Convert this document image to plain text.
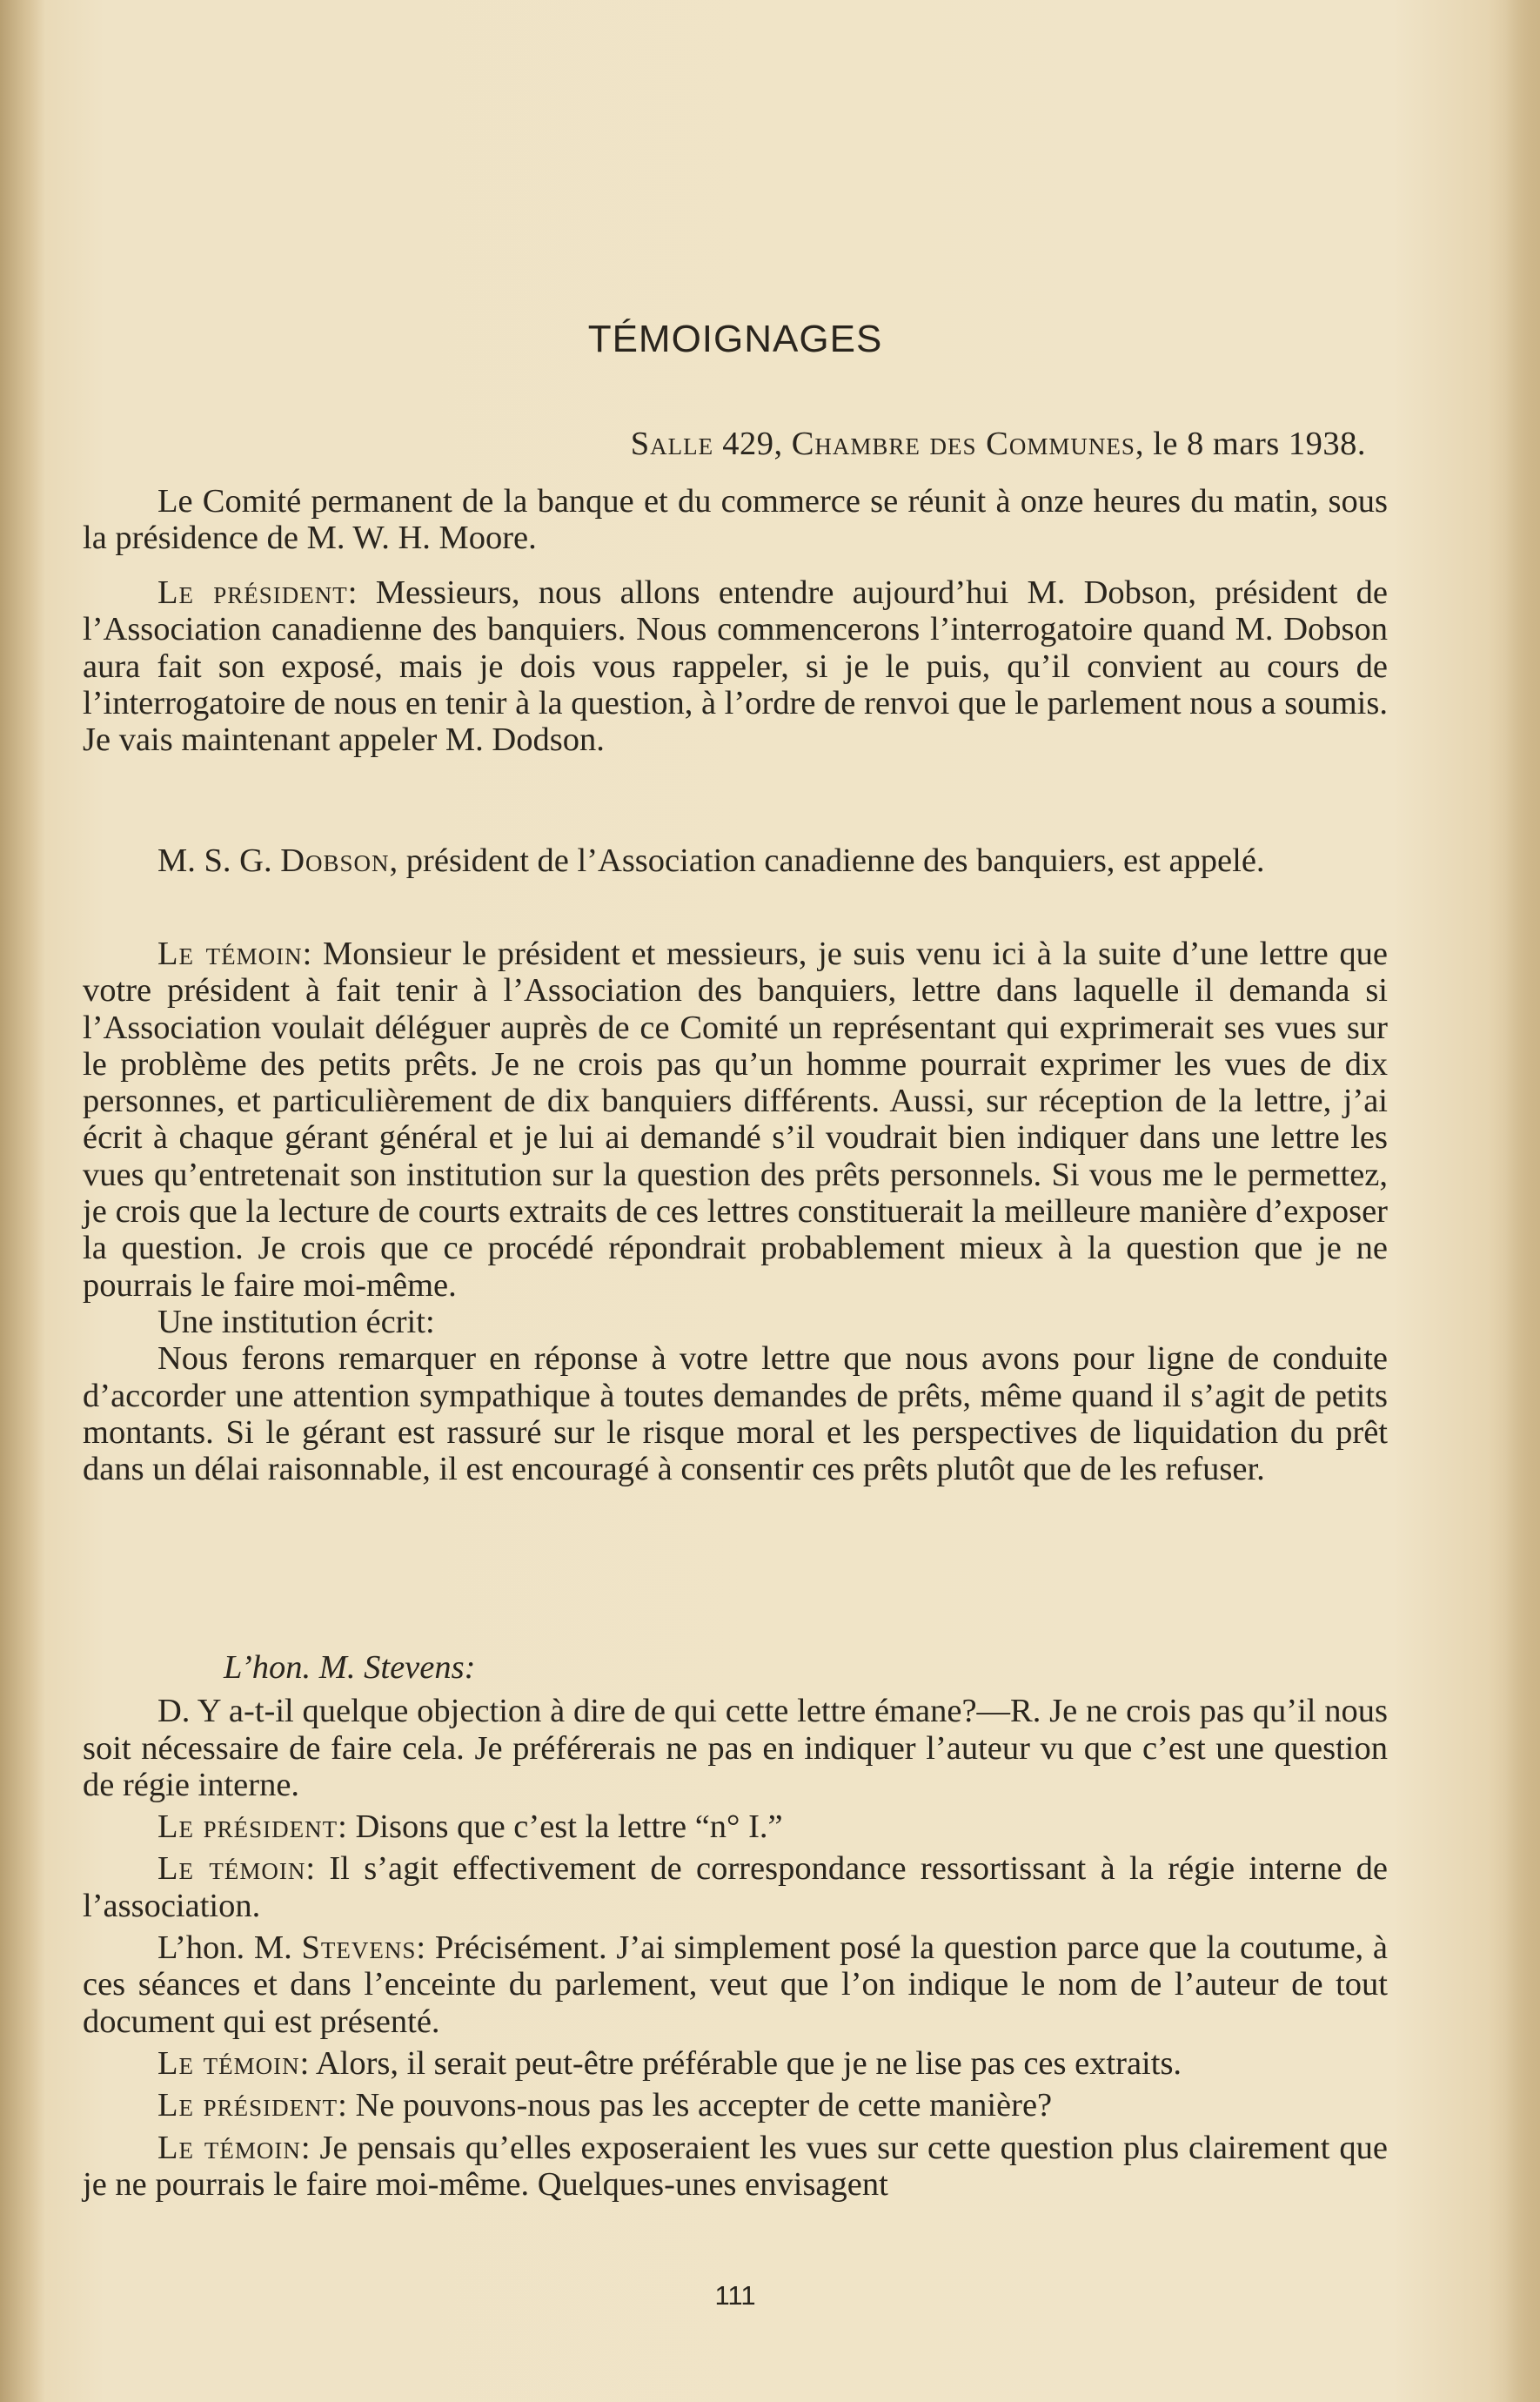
TÉMOIGNAGES
Salle 429, Chambre des Communes, le 8 mars 1938.

Le Comité permanent de la banque et du commerce se réunit à onze heures du matin, sous la présidence de M. W. H. Moore.

Le président: Messieurs, nous allons entendre aujourd’hui M. Dobson, président de l’Association canadienne des banquiers. Nous commencerons l’interrogatoire quand M. Dobson aura fait son exposé, mais je dois vous rappeler, si je le puis, qu’il convient au cours de l’interrogatoire de nous en tenir à la question, à l’ordre de renvoi que le parlement nous a soumis. Je vais maintenant appeler M. Dodson.

M. S. G. Dobson, président de l’Association canadienne des banquiers, est appelé.

Le témoin: Monsieur le président et messieurs, je suis venu ici à la suite d’une lettre que votre président à fait tenir à l’Association des banquiers, lettre dans laquelle il demanda si l’Association voulait déléguer auprès de ce Comité un représentant qui exprimerait ses vues sur le problème des petits prêts. Je ne crois pas qu’un homme pourrait exprimer les vues de dix personnes, et particulièrement de dix banquiers différents. Aussi, sur réception de la lettre, j’ai écrit à chaque gérant général et je lui ai demandé s’il voudrait bien indiquer dans une lettre les vues qu’entretenait son institution sur la question des prêts personnels. Si vous me le permettez, je crois que la lecture de courts extraits de ces lettres constituerait la meilleure manière d’exposer la question. Je crois que ce procédé répondrait probablement mieux à la question que je ne pourrais le faire moi-même.

Une institution écrit:

Nous ferons remarquer en réponse à votre lettre que nous avons pour ligne de conduite d’accorder une attention sympathique à toutes demandes de prêts, même quand il s’agit de petits montants. Si le gérant est rassuré sur le risque moral et les perspectives de liquidation du prêt dans un délai raisonnable, il est encouragé à consentir ces prêts plutôt que de les refuser.

L’hon. M. Stevens:

D. Y a-t-il quelque objection à dire de qui cette lettre émane?—R. Je ne crois pas qu’il nous soit nécessaire de faire cela. Je préférerais ne pas en indiquer l’auteur vu que c’est une question de régie interne.

Le président: Disons que c’est la lettre “n° I.”

Le témoin: Il s’agit effectivement de correspondance ressortissant à la régie interne de l’association.

L’hon. M. Stevens: Précisément. J’ai simplement posé la question parce que la coutume, à ces séances et dans l’enceinte du parlement, veut que l’on indique le nom de l’auteur de tout document qui est présenté.

Le témoin: Alors, il serait peut-être préférable que je ne lise pas ces extraits.

Le président: Ne pouvons-nous pas les accepter de cette manière?

Le témoin: Je pensais qu’elles exposeraient les vues sur cette question plus clairement que je ne pourrais le faire moi-même. Quelques-unes envisagent

111
